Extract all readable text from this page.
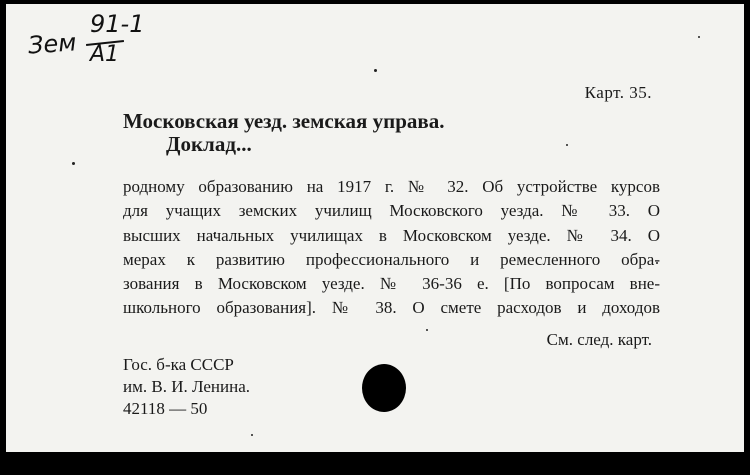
Зем
91-1
A1
Карт. 35.
Московская уезд. земская управа.
Доклад...
родному образованию на 1917 г. № 32. Об устройстве курсов
для учащих земских училищ Московского уезда. № 33. О
высших начальных училищах в Московском уезде. № 34. О
мерах к развитию профессионального и ремесленного обра-
зования в Московском уезде. № 36-36 е. [По вопросам вне-
школьного образования]. № 38. О смете расходов и доходов
См. след. карт.
Гос. б-ка СССР
им. В. И. Ленина.
42118 — 50
